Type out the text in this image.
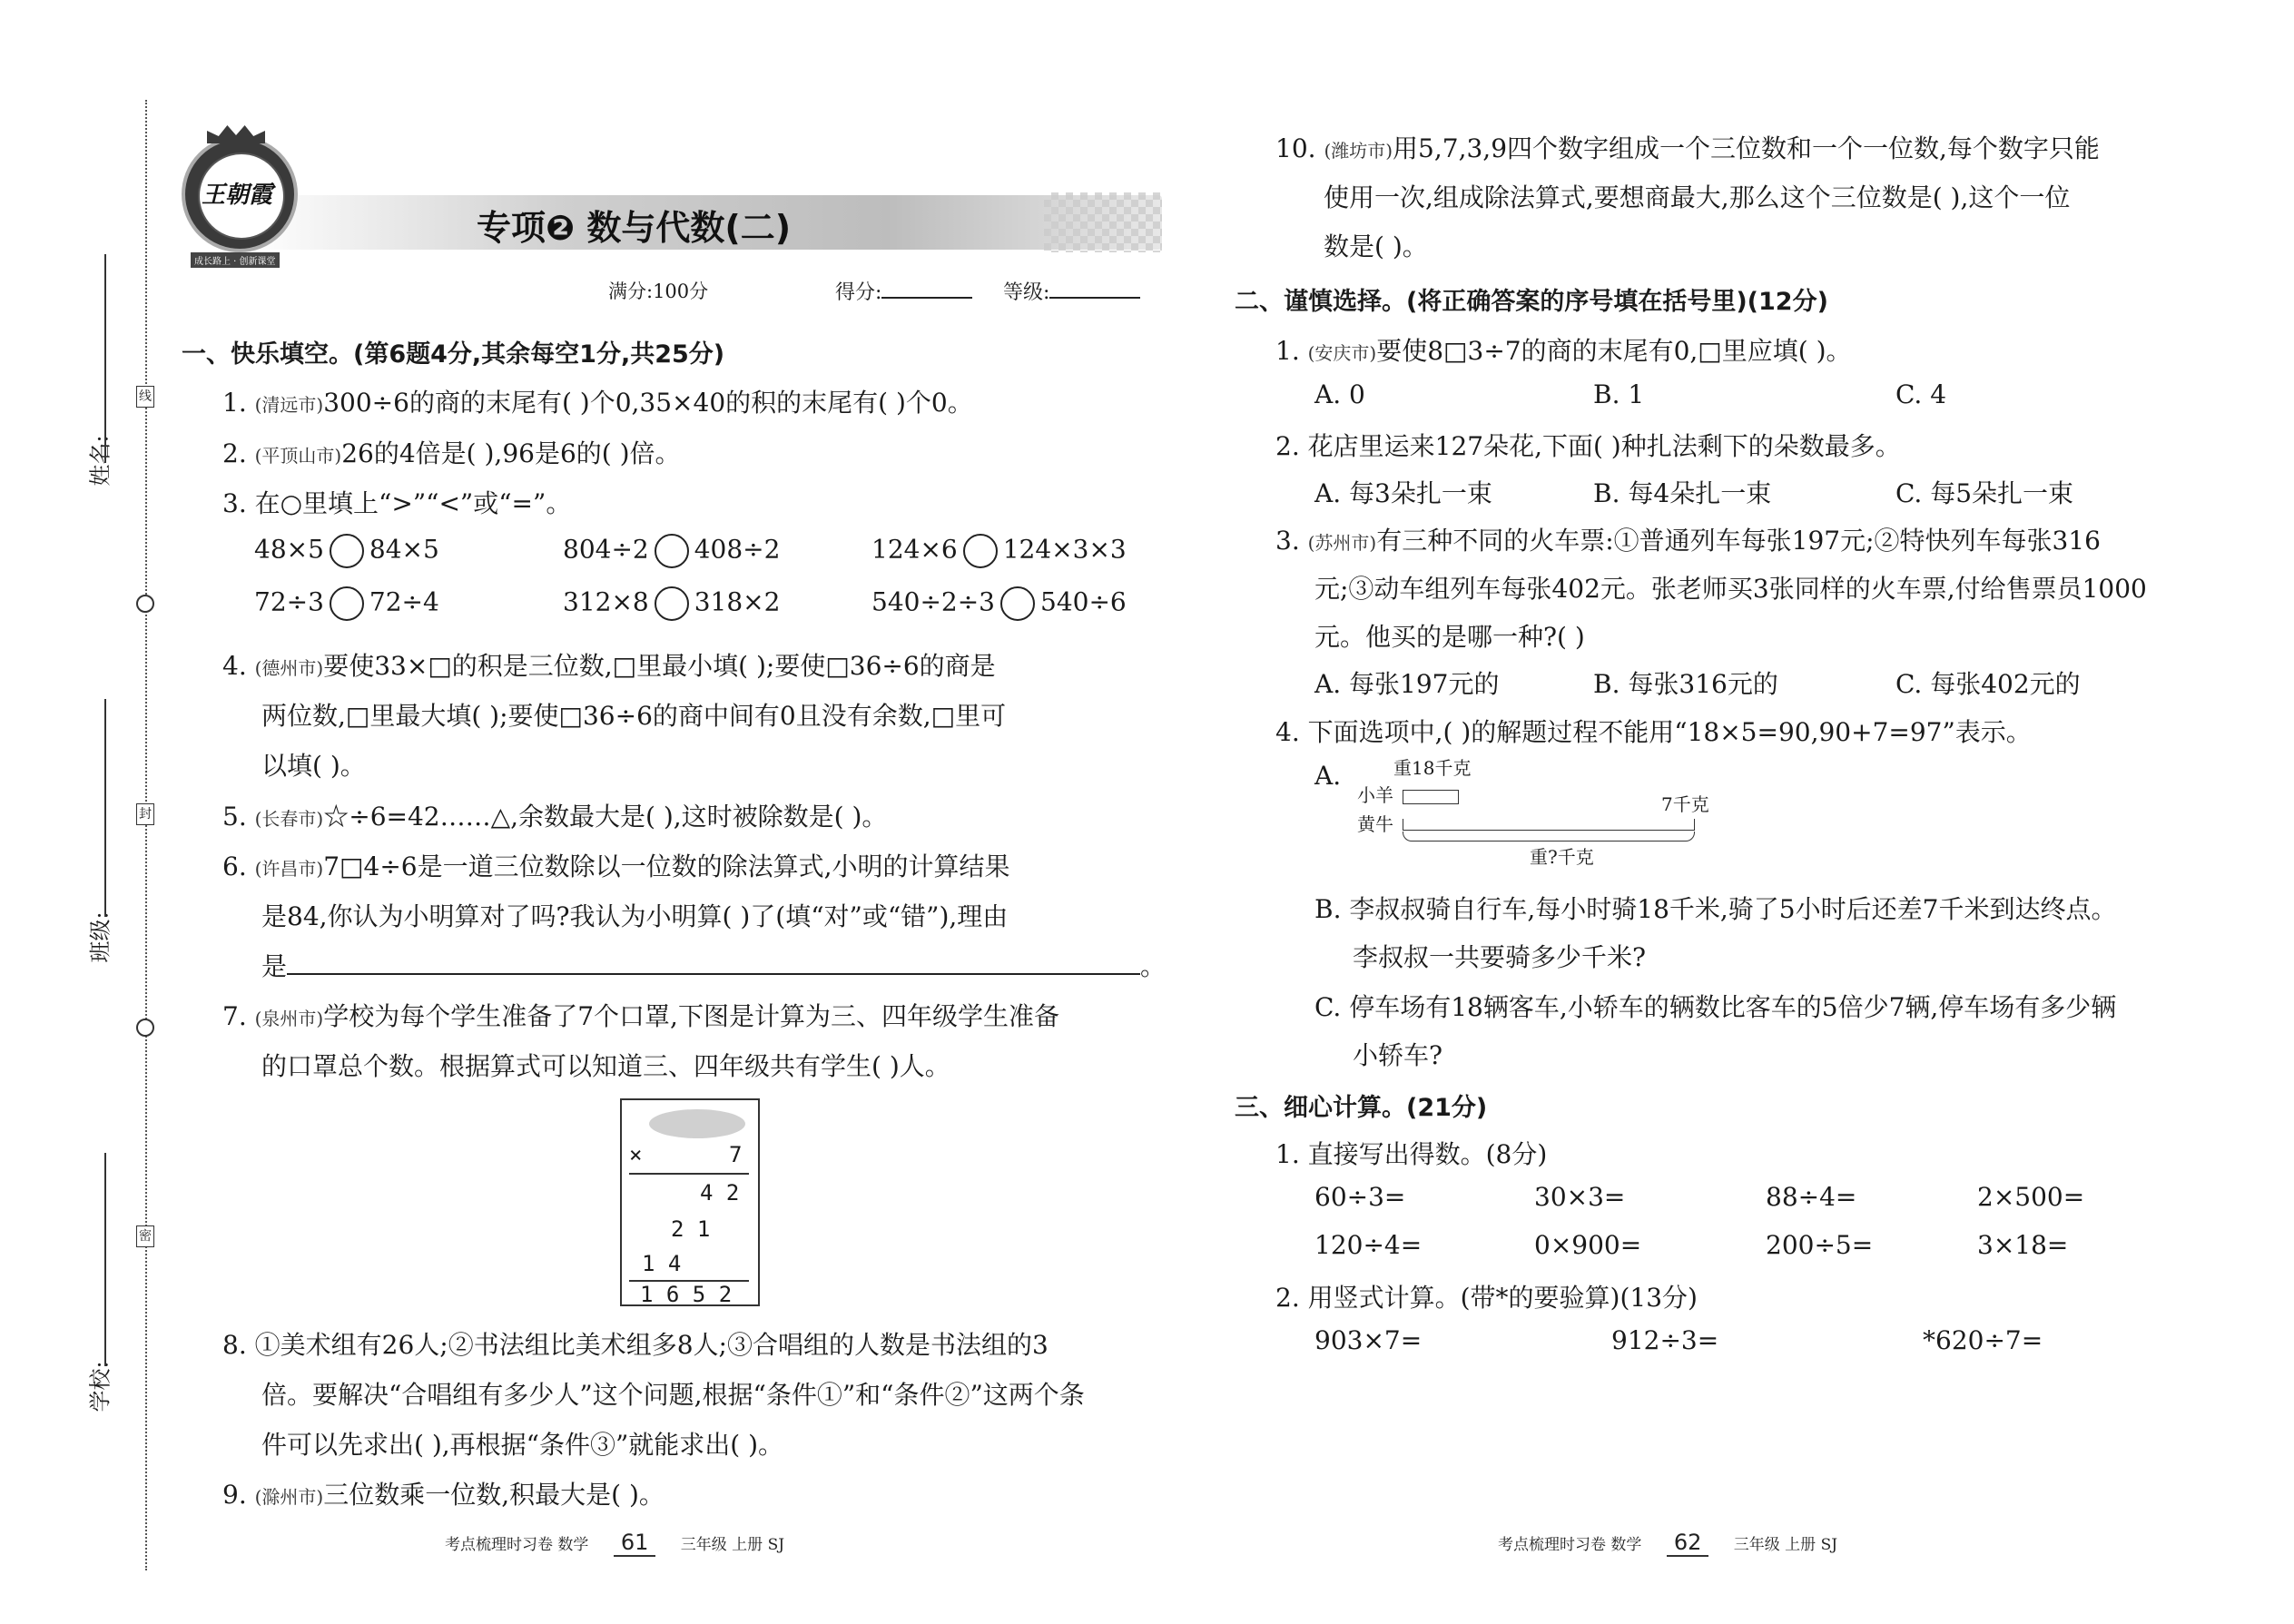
姓名:
班级:
学校:
线
封
密
王朝霞
成长路上 · 创新课堂
专项❷ 数与代数(二)
满分:100分	得分:	等级:
一、快乐填空。(第6题4分,其余每空1分,共25分)
1. (清远市)300÷6的商的末尾有( )个0,35×40的积的末尾有( )个0。
2. (平顶山市)26的4倍是( ),96是6的( )倍。
3. 在○里填上“>”“<”或“=”。
48×5 84×5	804÷2 408÷2	124×6 124×3×3
72÷3 72÷4	312×8 318×2	540÷2÷3 540÷6
4. (德州市)要使33×□的积是三位数,□里最小填( );要使□36÷6的商是
两位数,□里最大填( );要使□36÷6的商中间有0且没有余数,□里可
以填( )。
5. (长春市)☆÷6=42……△,余数最大是( ),这时被除数是( )。
6. (许昌市)7□4÷6是一道三位数除以一位数的除法算式,小明的计算结果
是84,你认为小明算对了吗?我认为小明算( )了(填“对”或“错”),理由
是	。
7. (泉州市)学校为每个学生准备了7个口罩,下图是计算为三、四年级学生准备
的口罩总个数。根据算式可以知道三、四年级共有学生( )人。
×	7
4 2
2 1
1 4
1 6 5 2
8. ①美术组有26人;②书法组比美术组多8人;③合唱组的人数是书法组的3
倍。要解决“合唱组有多少人”这个问题,根据“条件①”和“条件②”这两个条
件可以先求出( ),再根据“条件③”就能求出( )。
9. (滁州市)三位数乘一位数,积最大是( )。
考点梳理时习卷 数学 61 三年级 上册 SJ
10. (潍坊市)用5,7,3,9四个数字组成一个三位数和一个一位数,每个数字只能
使用一次,组成除法算式,要想商最大,那么这个三位数是( ),这个一位
数是( )。
二、谨慎选择。(将正确答案的序号填在括号里)(12分)
1. (安庆市)要使8□3÷7的商的末尾有0,□里应填( )。
A. 0	B. 1	C. 4
2. 花店里运来127朵花,下面( )种扎法剩下的朵数最多。
A. 每3朵扎一束	B. 每4朵扎一束	C. 每5朵扎一束
3. (苏州市)有三种不同的火车票:①普通列车每张197元;②特快列车每张316
元;③动车组列车每张402元。张老师买3张同样的火车票,付给售票员1000
元。他买的是哪一种?( )
A. 每张197元的	B. 每张316元的	C. 每张402元的
4. 下面选项中,( )的解题过程不能用“18×5=90,90+7=97”表示。
A.	重18千克
小羊
黄牛
7千克
重?千克
B. 李叔叔骑自行车,每小时骑18千米,骑了5小时后还差7千米到达终点。
李叔叔一共要骑多少千米?
C. 停车场有18辆客车,小轿车的辆数比客车的5倍少7辆,停车场有多少辆
小轿车?
三、细心计算。(21分)
1. 直接写出得数。(8分)
60÷3=	30×3=	88÷4=	2×500=
120÷4=	0×900=	200÷5=	3×18=
2. 用竖式计算。(带*的要验算)(13分)
903×7=	912÷3=	*620÷7=
考点梳理时习卷 数学 62 三年级 上册 SJ
